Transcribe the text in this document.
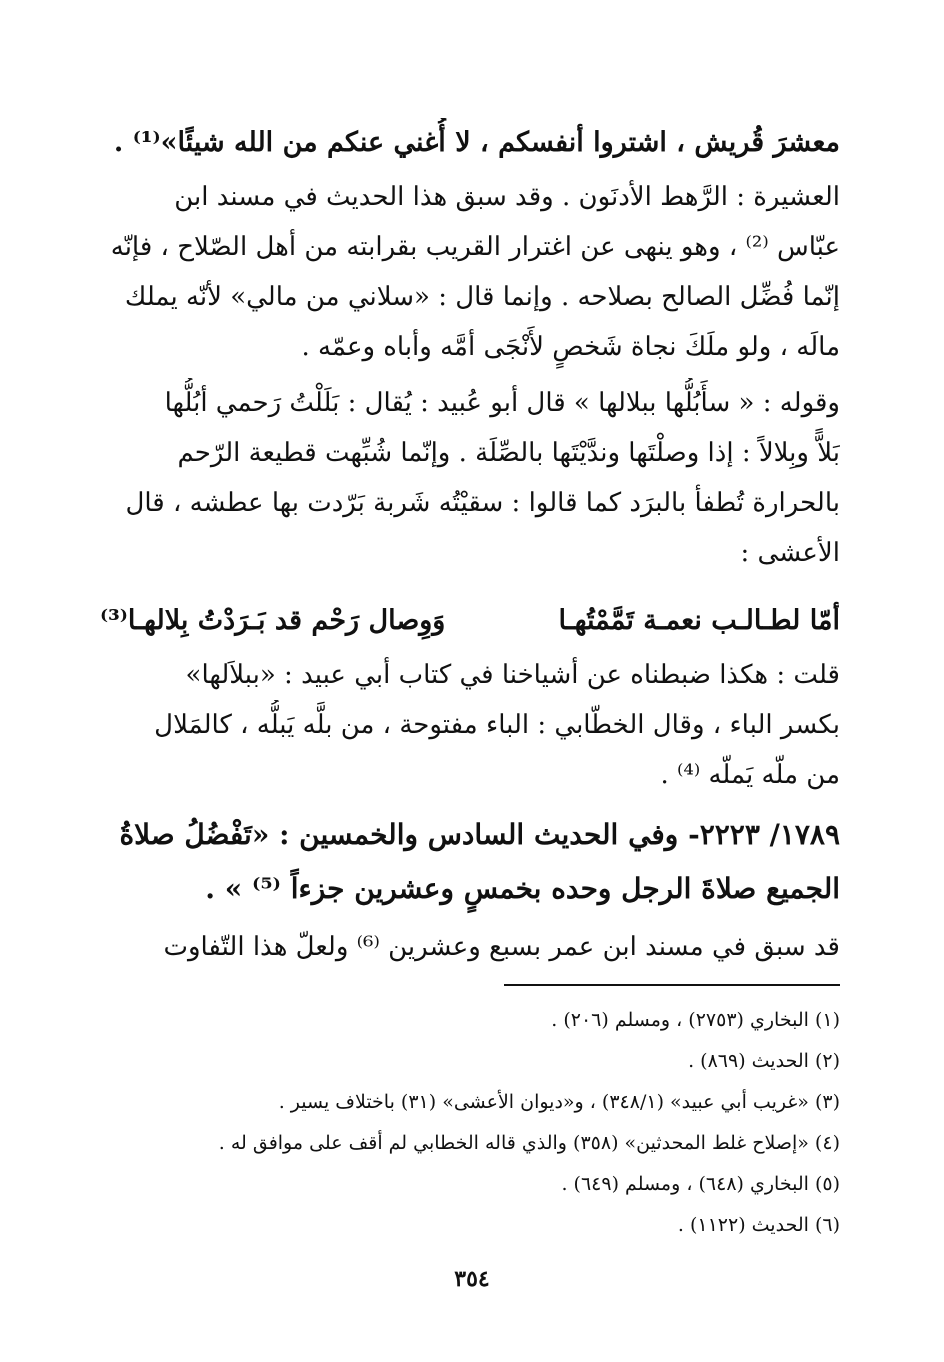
معشرَ قُريش ، اشتروا أنفسكم ، لا أُغني عنكم من الله شيئًا»⁽¹⁾ .
العشيرة : الرَّهط الأدنَون . وقد سبق هذا الحديث في مسند ابن
عبّاس ⁽²⁾ ، وهو ينهى عن اغترار القريب بقرابته من أهل الصّلاح ، فإنّه
إنّما فُضِّل الصالح بصلاحه . وإنما قال : «سلاني من مالي» لأنّه يملك
مالَه ، ولو ملَكَ نجاة شَخصٍ لأَنْجَى أمَّه وأباه وعمّه .
وقوله : « سأَبُلُّها ببلالها » قال أبو عُبيد : يُقال : بَلَلْتُ رَحمي أبُلُّها
بَلاًّ وبِلالاً : إذا وصلْتَها وندَّيْتَها بالصِّلَة . وإنّما شُبِّهت قطيعة الرّحم
بالحرارة تُطفأ بالبرَد كما قالوا : سقيْتُه شَربة بَرّدت بها عطشه ، قال
الأعشى :
أمّا لطـالـب نعمـة تَمَّمْتُهـا
وَوِصال رَحْم قد بَـرَدْتُ بِلالهـا⁽³⁾
قلت : هكذا ضبطناه عن أشياخنا في كتاب أبي عبيد : «ببلاَلها»
بكسر الباء ، وقال الخطّابي : الباء مفتوحة ، من بلَّه يَبلُّه ، كالمَلال
من ملّه يَملّه ⁽⁴⁾ .
١٧٨٩/ ٢٢٢٣- وفي الحديث السادس والخمسين : «تَفْضُلُ صلاةُ
الجميع صلاةَ الرجل وحده بخمسٍ وعشرين جزءاً ⁽⁵⁾ » .
قد سبق في مسند ابن عمر بسبع وعشرين ⁽⁶⁾ ولعلّ هذا التّفاوت
(١) البخاري (٢٧٥٣) ، ومسلم (٢٠٦) .
(٢) الحديث (٨٦٩) .
(٣) «غريب أبي عبيد» (٣٤٨/١) ، و«ديوان الأعشى» (٣١) باختلاف يسير .
(٤) «إصلاح غلط المحدثين» (٣٥٨) والذي قاله الخطابي لم أقف على موافق له .
(٥) البخاري (٦٤٨) ، ومسلم (٦٤٩) .
(٦) الحديث (١١٢٢) .
٣٥٤
